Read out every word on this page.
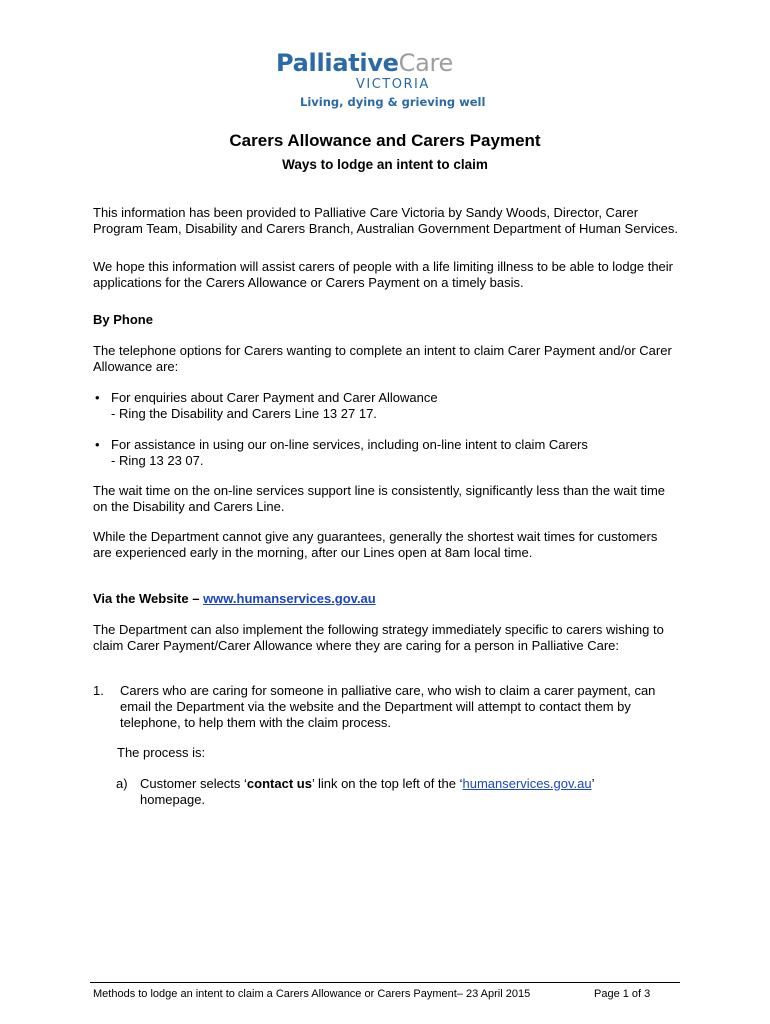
PalliativeCare
VICTORIA
Living, dying & grieving well
Carers Allowance and Carers Payment
Ways to lodge an intent to claim
This information has been provided to Palliative Care Victoria by Sandy Woods, Director, Carer Program Team, Disability and Carers Branch, Australian Government Department of Human Services.
We hope this information will assist carers of people with a life limiting illness to be able to lodge their applications for the Carers Allowance or Carers Payment on a timely basis.
By Phone
The telephone options for Carers wanting to complete an intent to claim Carer Payment and/or Carer Allowance are:
• For enquiries about Carer Payment and Carer Allowance
- Ring the Disability and Carers Line 13 27 17.
• For assistance in using our on-line services, including on-line intent to claim Carers
- Ring 13 23 07.
The wait time on the on-line services support line is consistently, significantly less than the wait time on the Disability and Carers Line.
While the Department cannot give any guarantees, generally the shortest wait times for customers are experienced early in the morning, after our Lines open at 8am local time.
Via the Website – www.humanservices.gov.au
The Department can also implement the following strategy immediately specific to carers wishing to claim Carer Payment/Carer Allowance where they are caring for a person in Palliative Care:
1. Carers who are caring for someone in palliative care, who wish to claim a carer payment, can email the Department via the website and the Department will attempt to contact them by telephone, to help them with the claim process.
The process is:
a) Customer selects ‘contact us’ link on the top left of the ‘humanservices.gov.au’
homepage.
Methods to lodge an intent to claim a Carers Allowance or Carers Payment– 23 April 2015	Page 1 of 3
